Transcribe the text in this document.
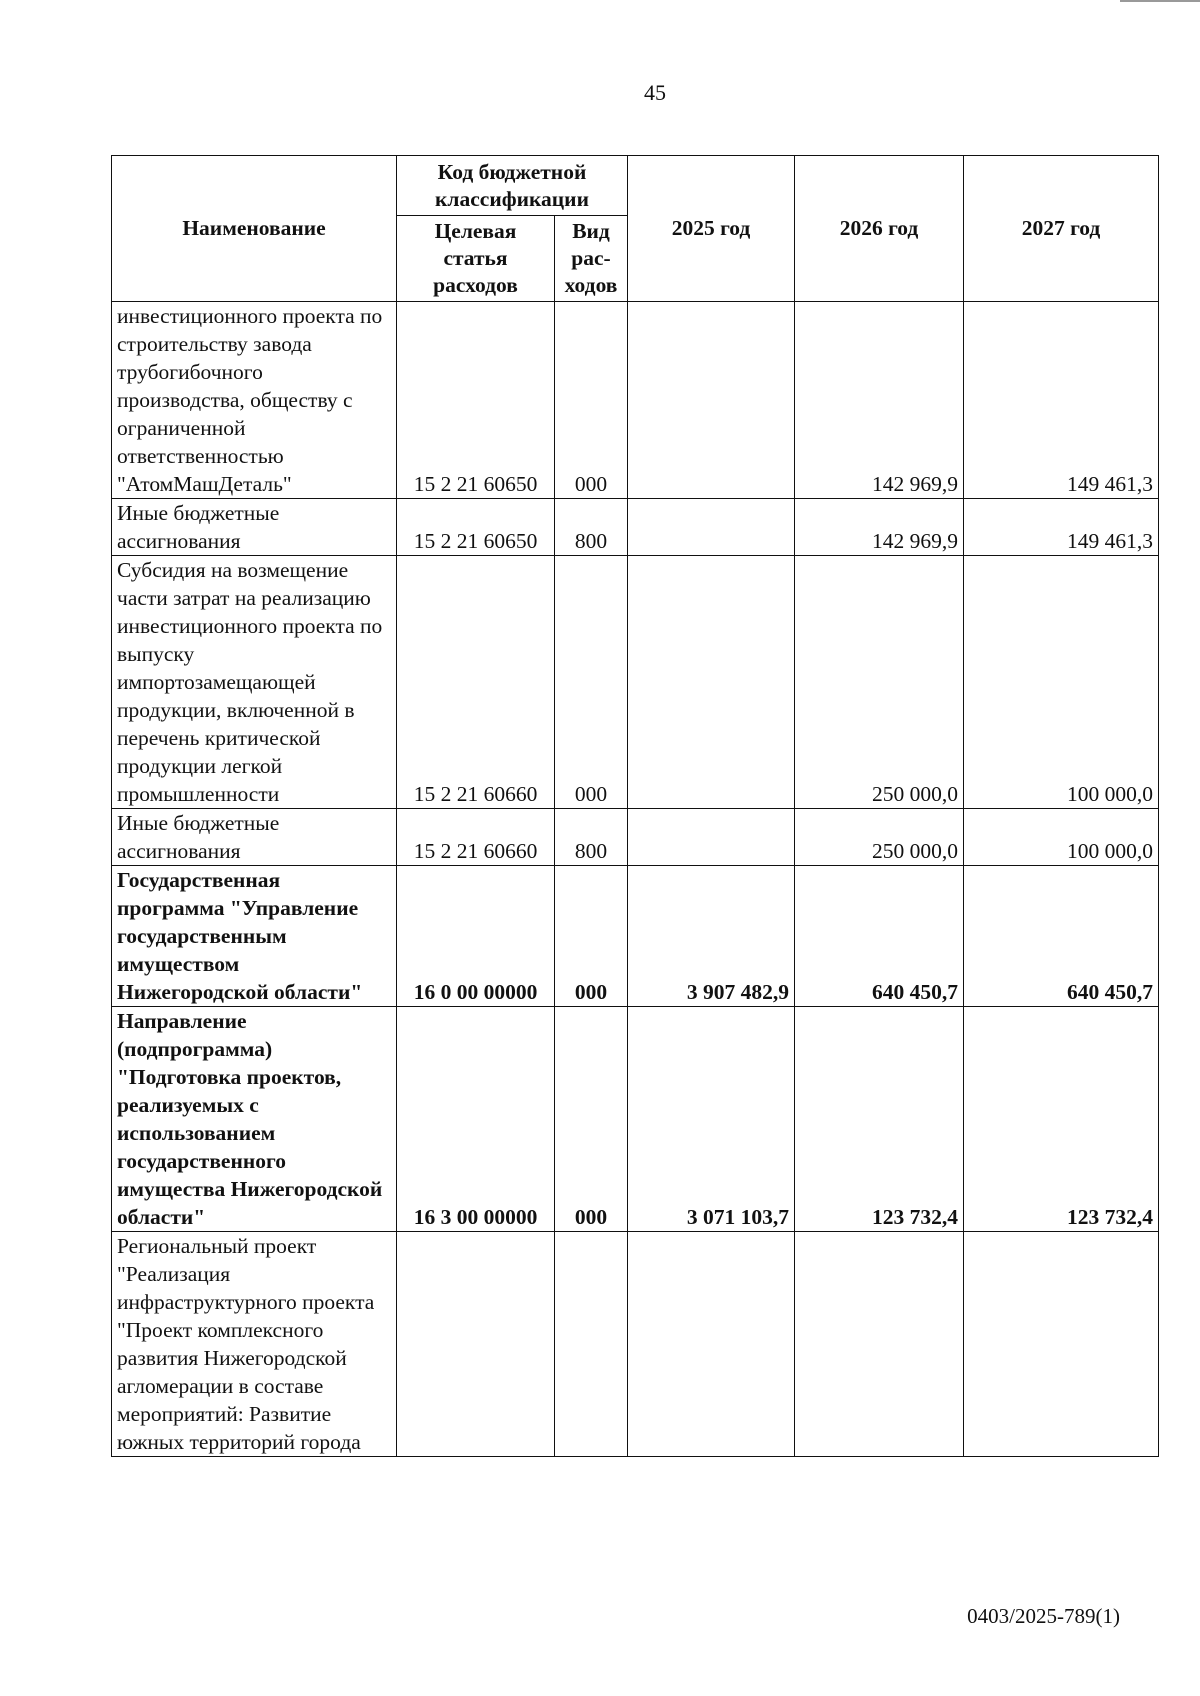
45
Наименование	Код бюджетной классификации		2025 год	2026 год	2027 год
	Целевая статья расходов	Вид рас-ходов			
инвестиционного проекта по строительству завода трубогибочного производства, обществу с ограниченной ответственностью "АтомМашДеталь"	15 2 21 60650	000		142 969,9	149 461,3
Иные бюджетные ассигнования	15 2 21 60650	800		142 969,9	149 461,3
Субсидия на возмещение части затрат на реализацию инвестиционного проекта по выпуску импортозамещающей продукции, включенной в перечень критической продукции легкой промышленности	15 2 21 60660	000		250 000,0	100 000,0
Иные бюджетные ассигнования	15 2 21 60660	800		250 000,0	100 000,0
Государственная программа "Управление государственным имуществом Нижегородской области"	16 0 00 00000	000	3 907 482,9	640 450,7	640 450,7
Направление (подпрограмма) "Подготовка проектов, реализуемых с использованием государственного имущества Нижегородской области"	16 3 00 00000	000	3 071 103,7	123 732,4	123 732,4
Региональный проект "Реализация инфраструктурного проекта "Проект комплексного развития Нижегородской агломерации в составе мероприятий: Развитие южных территорий города					
0403/2025-789(1)
